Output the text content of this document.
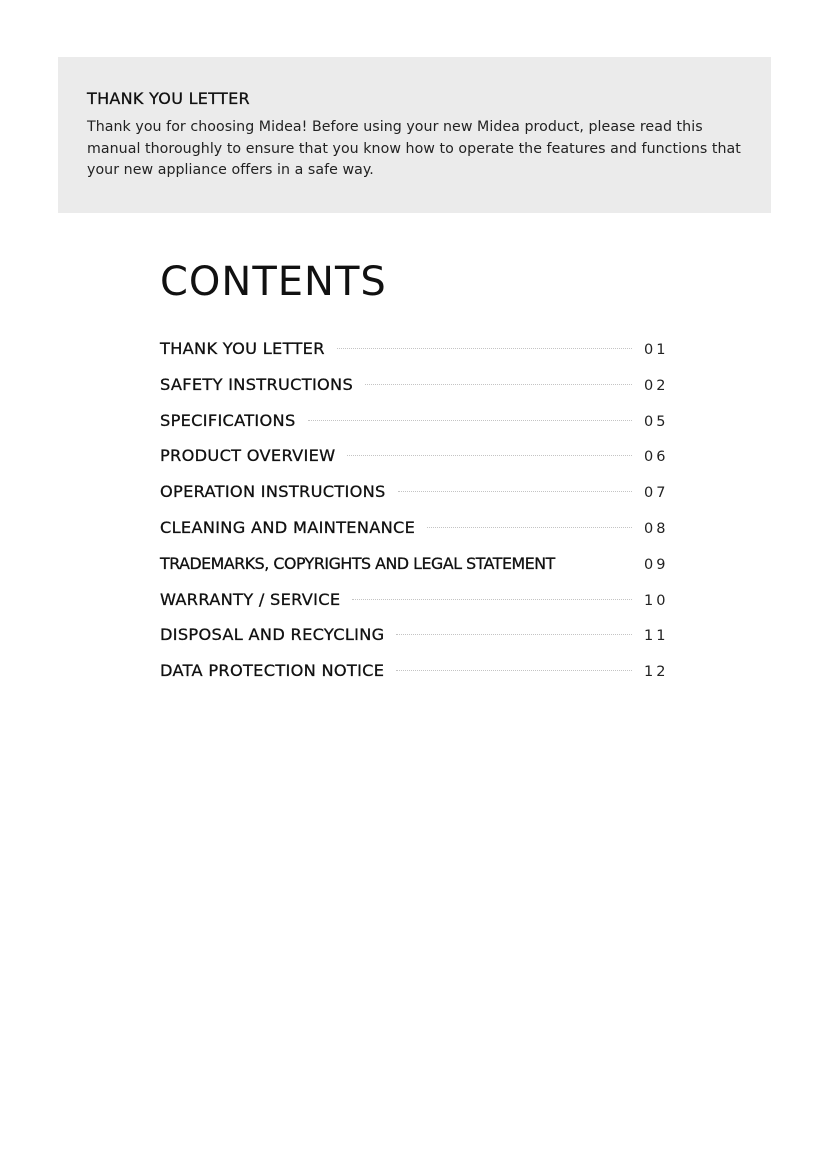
THANK YOU LETTER

Thank you for choosing Midea! Before using your new Midea product, please read this manual thoroughly to ensure that you know how to operate the features and functions that your new appliance offers in a safe way.

CONTENTS
THANK YOU LETTER	01
SAFETY INSTRUCTIONS	02
SPECIFICATIONS	05
PRODUCT OVERVIEW	06
OPERATION INSTRUCTIONS	07
CLEANING AND MAINTENANCE	08
TRADEMARKS, COPYRIGHTS AND LEGAL STATEMENT	09
WARRANTY / SERVICE	10
DISPOSAL AND RECYCLING	11
DATA PROTECTION NOTICE	12
